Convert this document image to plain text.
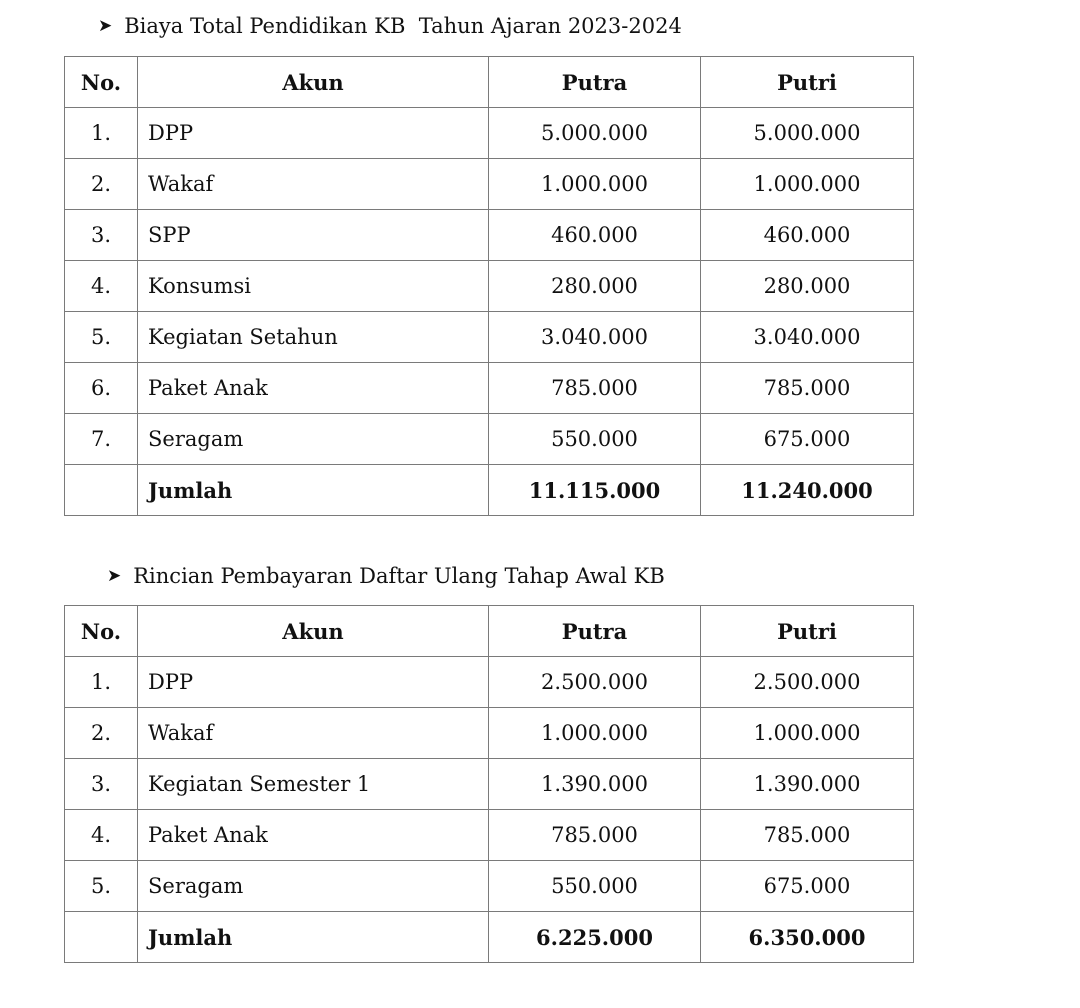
➤ Biaya Total Pendidikan KB  Tahun Ajaran 2023-2024
No.	Akun	Putra	Putri
1.	DPP	5.000.000	5.000.000
2.	Wakaf	1.000.000	1.000.000
3.	SPP	460.000	460.000
4.	Konsumsi	280.000	280.000
5.	Kegiatan Setahun	3.040.000	3.040.000
6.	Paket Anak	785.000	785.000
7.	Seragam	550.000	675.000
	Jumlah	11.115.000	11.240.000
➤ Rincian Pembayaran Daftar Ulang Tahap Awal KB
No.	Akun	Putra	Putri
1.	DPP	2.500.000	2.500.000
2.	Wakaf	1.000.000	1.000.000
3.	Kegiatan Semester 1	1.390.000	1.390.000
4.	Paket Anak	785.000	785.000
5.	Seragam	550.000	675.000
	Jumlah	6.225.000	6.350.000
